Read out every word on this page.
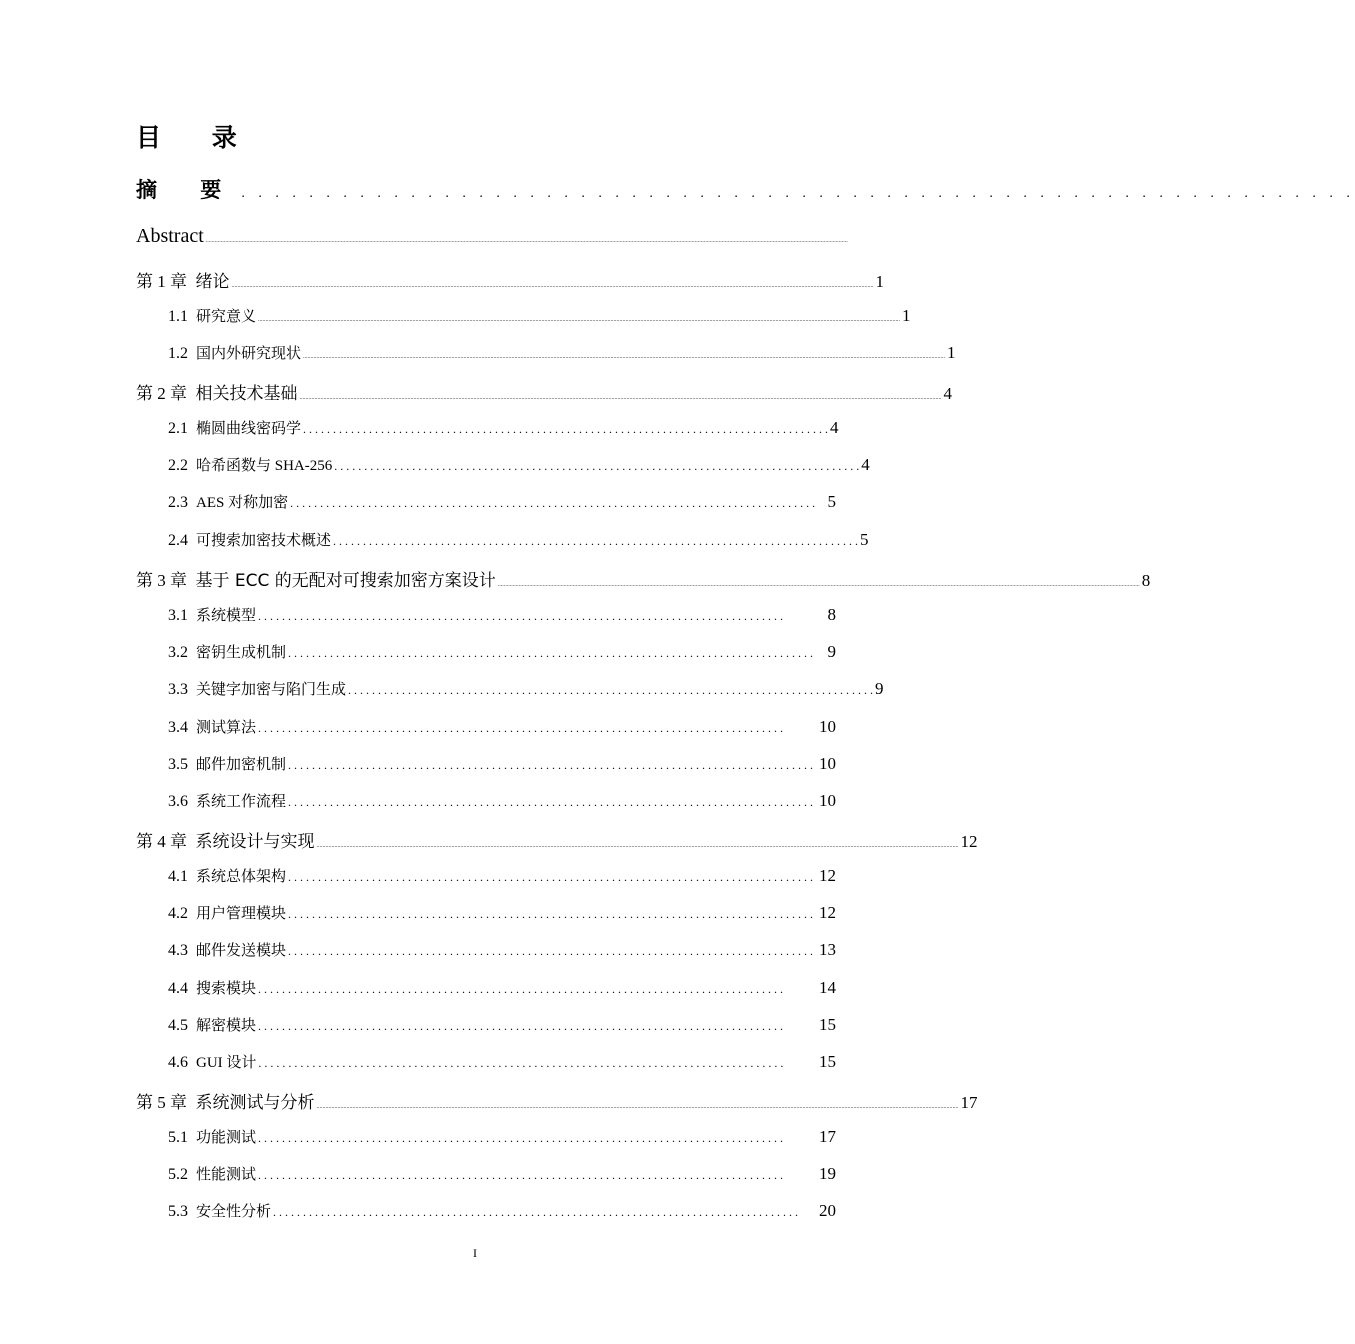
目 录
摘 要 . . . . . . . . . . . . . . . . . . . . . . . . . . . . . . . . . . . . . . . . . . . . . . . . . . . . . . . . . . . . . . . . . .
Abstract ............................................................................................................................................................................................................................................................................................................................................................................................................................................
第 1 章 绪论 ............................................................................................................................................................................................................................................................................................................................................................................................................................................ 1
1.1 研究意义 ............................................................................................................................................................................................................................................................................................................................................................................................................................................ 1
1.2 国内外研究现状 ............................................................................................................................................................................................................................................................................................................................................................................................................................................ 1
第 2 章 相关技术基础 ............................................................................................................................................................................................................................................................................................................................................................................................................................................ 4
2.1 椭圆曲线密码学 . . . . . . . . . . . . . . . . . . . . . . . . . . . . . . . . . . . . . . . . . . . . . . . . . . . . . . . . . . . . . . . . . . . . . . . . . . . . . . . . . . . . . . . . 4
2.2 哈希函数与 SHA-256 . . . . . . . . . . . . . . . . . . . . . . . . . . . . . . . . . . . . . . . . . . . . . . . . . . . . . . . . . . . . . . . . . . . . . . . . . . . . . . . . . . . . . . . . 4
2.3 AES 对称加密 . . . . . . . . . . . . . . . . . . . . . . . . . . . . . . . . . . . . . . . . . . . . . . . . . . . . . . . . . . . . . . . . . . . . . . . . . . . . . . . . . . . . . . . . 5
2.4 可搜索加密技术概述 . . . . . . . . . . . . . . . . . . . . . . . . . . . . . . . . . . . . . . . . . . . . . . . . . . . . . . . . . . . . . . . . . . . . . . . . . . . . . . . . . . . . . . . . 5
第 3 章 基于 ECC 的无配对可搜索加密方案设计 ............................................................................................................................................................................................................................................................................................................................................................................................................................................ 8
3.1 系统模型 . . . . . . . . . . . . . . . . . . . . . . . . . . . . . . . . . . . . . . . . . . . . . . . . . . . . . . . . . . . . . . . . . . . . . . . . . . . . . . . . . . . . . . . .	8
3.2 密钥生成机制 . . . . . . . . . . . . . . . . . . . . . . . . . . . . . . . . . . . . . . . . . . . . . . . . . . . . . . . . . . . . . . . . . . . . . . . . . . . . . . . . . . . . . . . . 9
3.3 关键字加密与陷门生成 . . . . . . . . . . . . . . . . . . . . . . . . . . . . . . . . . . . . . . . . . . . . . . . . . . . . . . . . . . . . . . . . . . . . . . . . . . . . . . . . . . . . . . . . 9
3.4 测试算法 . . . . . . . . . . . . . . . . . . . . . . . . . . . . . . . . . . . . . . . . . . . . . . . . . . . . . . . . . . . . . . . . . . . . . . . . . . . . . . . . . . . . . . . .	10
3.5 邮件加密机制 . . . . . . . . . . . . . . . . . . . . . . . . . . . . . . . . . . . . . . . . . . . . . . . . . . . . . . . . . . . . . . . . . . . . . . . . . . . . . . . . . . . . . . . . 10
3.6 系统工作流程 . . . . . . . . . . . . . . . . . . . . . . . . . . . . . . . . . . . . . . . . . . . . . . . . . . . . . . . . . . . . . . . . . . . . . . . . . . . . . . . . . . . . . . . . 10
第 4 章 系统设计与实现 ............................................................................................................................................................................................................................................................................................................................................................................................................................................ 12
4.1 系统总体架构 . . . . . . . . . . . . . . . . . . . . . . . . . . . . . . . . . . . . . . . . . . . . . . . . . . . . . . . . . . . . . . . . . . . . . . . . . . . . . . . . . . . . . . . . 12
4.2 用户管理模块 . . . . . . . . . . . . . . . . . . . . . . . . . . . . . . . . . . . . . . . . . . . . . . . . . . . . . . . . . . . . . . . . . . . . . . . . . . . . . . . . . . . . . . . . 12
4.3 邮件发送模块 . . . . . . . . . . . . . . . . . . . . . . . . . . . . . . . . . . . . . . . . . . . . . . . . . . . . . . . . . . . . . . . . . . . . . . . . . . . . . . . . . . . . . . . . 13
4.4 搜索模块 . . . . . . . . . . . . . . . . . . . . . . . . . . . . . . . . . . . . . . . . . . . . . . . . . . . . . . . . . . . . . . . . . . . . . . . . . . . . . . . . . . . . . . . .	14
4.5 解密模块 . . . . . . . . . . . . . . . . . . . . . . . . . . . . . . . . . . . . . . . . . . . . . . . . . . . . . . . . . . . . . . . . . . . . . . . . . . . . . . . . . . . . . . . .	15
4.6 GUI 设计 . . . . . . . . . . . . . . . . . . . . . . . . . . . . . . . . . . . . . . . . . . . . . . . . . . . . . . . . . . . . . . . . . . . . . . . . . . . . . . . . . . . . . . . .	15
第 5 章 系统测试与分析 ............................................................................................................................................................................................................................................................................................................................................................................................................................................ 17
5.1 功能测试 . . . . . . . . . . . . . . . . . . . . . . . . . . . . . . . . . . . . . . . . . . . . . . . . . . . . . . . . . . . . . . . . . . . . . . . . . . . . . . . . . . . . . . . .	17
5.2 性能测试 . . . . . . . . . . . . . . . . . . . . . . . . . . . . . . . . . . . . . . . . . . . . . . . . . . . . . . . . . . . . . . . . . . . . . . . . . . . . . . . . . . . . . . . .	19
5.3 安全性分析 . . . . . . . . . . . . . . . . . . . . . . . . . . . . . . . . . . . . . . . . . . . . . . . . . . . . . . . . . . . . . . . . . . . . . . . . . . . . . . . . . . . . . . . .	20
I
